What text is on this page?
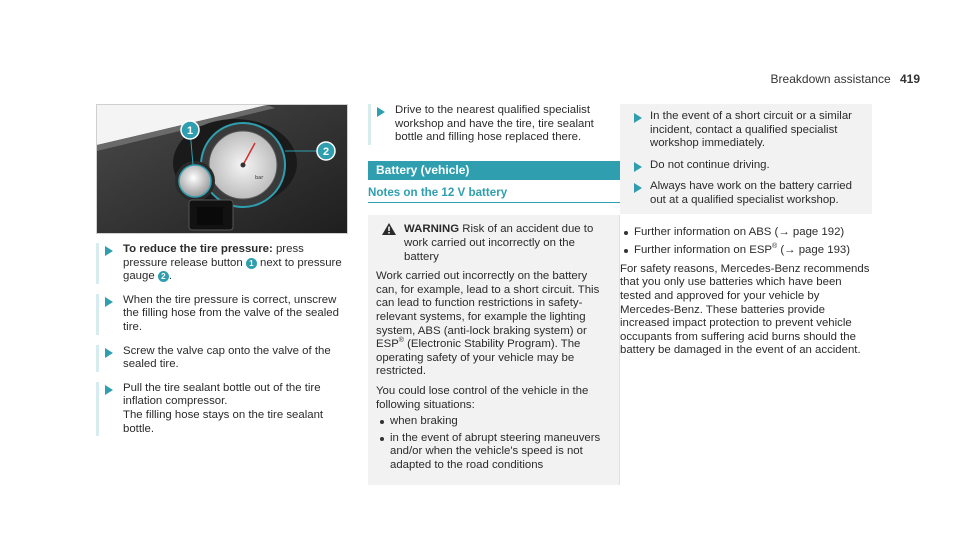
Breakdown assistance 419
bar
1
2

To reduce the tire pressure: press pressure release button 1 next to pressure gauge 2 .

When the tire pressure is correct, unscrew the filling hose from the valve of the sealed tire.

Screw the valve cap onto the valve of the sealed tire.

Pull the tire sealant bottle out of the tire inflation compressor.

The filling hose stays on the tire sealant bottle.

Drive to the nearest qualified specialist workshop and have the tire, tire sealant bottle and filling hose replaced there.

Battery (vehicle)
Notes on the 12 V battery
WARNING Risk of an accident due to work carried out incorrectly on the battery

Work carried out incorrectly on the battery can, for example, lead to a short circuit. This can lead to function restrictions in safety-relevant systems, for example the lighting system, ABS (anti-lock braking system) or ESP® (Electronic Stability Program). The operating safety of your vehicle may be restricted.

You could lose control of the vehicle in the following situations:

when braking
in the event of abrupt steering maneuvers and/or when the vehicle's speed is not adapted to the road conditions

In the event of a short circuit or a similar incident, contact a qualified specialist workshop immediately.

Do not continue driving.

Always have work on the battery carried out at a qualified specialist workshop.

Further information on ABS (→ page 192)
Further information on ESP® (→ page 193)

For safety reasons, Mercedes-Benz recommends that you only use batteries which have been tested and approved for your vehicle by Mercedes-Benz. These batteries provide increased impact protection to prevent vehicle occupants from suffering acid burns should the battery be damaged in the event of an accident.
